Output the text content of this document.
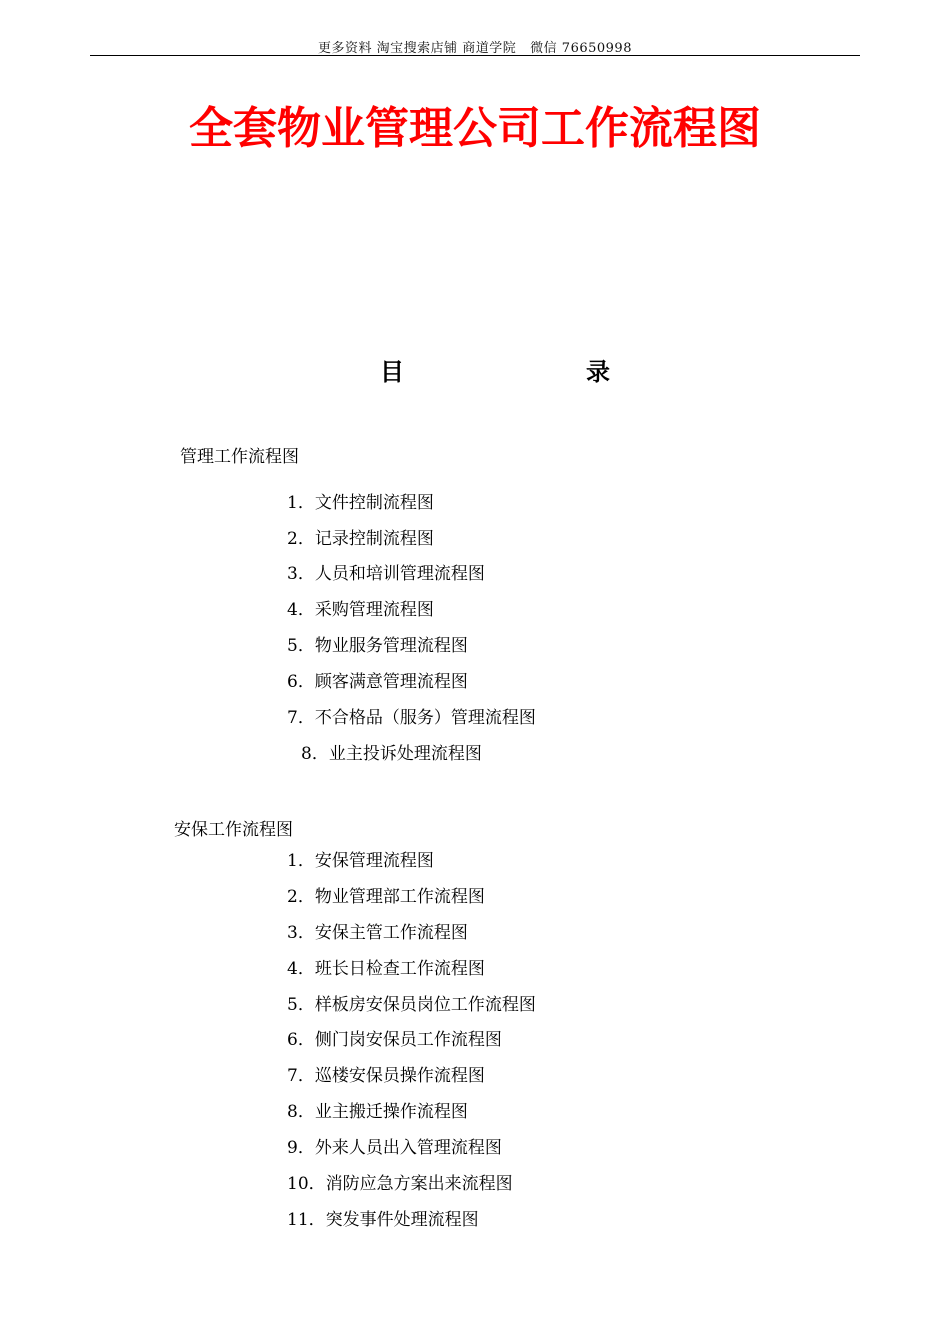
更多资料 淘宝搜索店铺 商道学院   微信 76650998
全套物业管理公司工作流程图
目	录
管理工作流程图
1．文件控制流程图
2．记录控制流程图
3．人员和培训管理流程图
4．采购管理流程图
5．物业服务管理流程图
6．顾客满意管理流程图
7．不合格品（服务）管理流程图
8．业主投诉处理流程图
安保工作流程图
1．安保管理流程图
2．物业管理部工作流程图
3．安保主管工作流程图
4．班长日检查工作流程图
5．样板房安保员岗位工作流程图
6．侧门岗安保员工作流程图
7．巡楼安保员操作流程图
8．业主搬迁操作流程图
9．外来人员出入管理流程图
10．消防应急方案出来流程图
11．突发事件处理流程图
